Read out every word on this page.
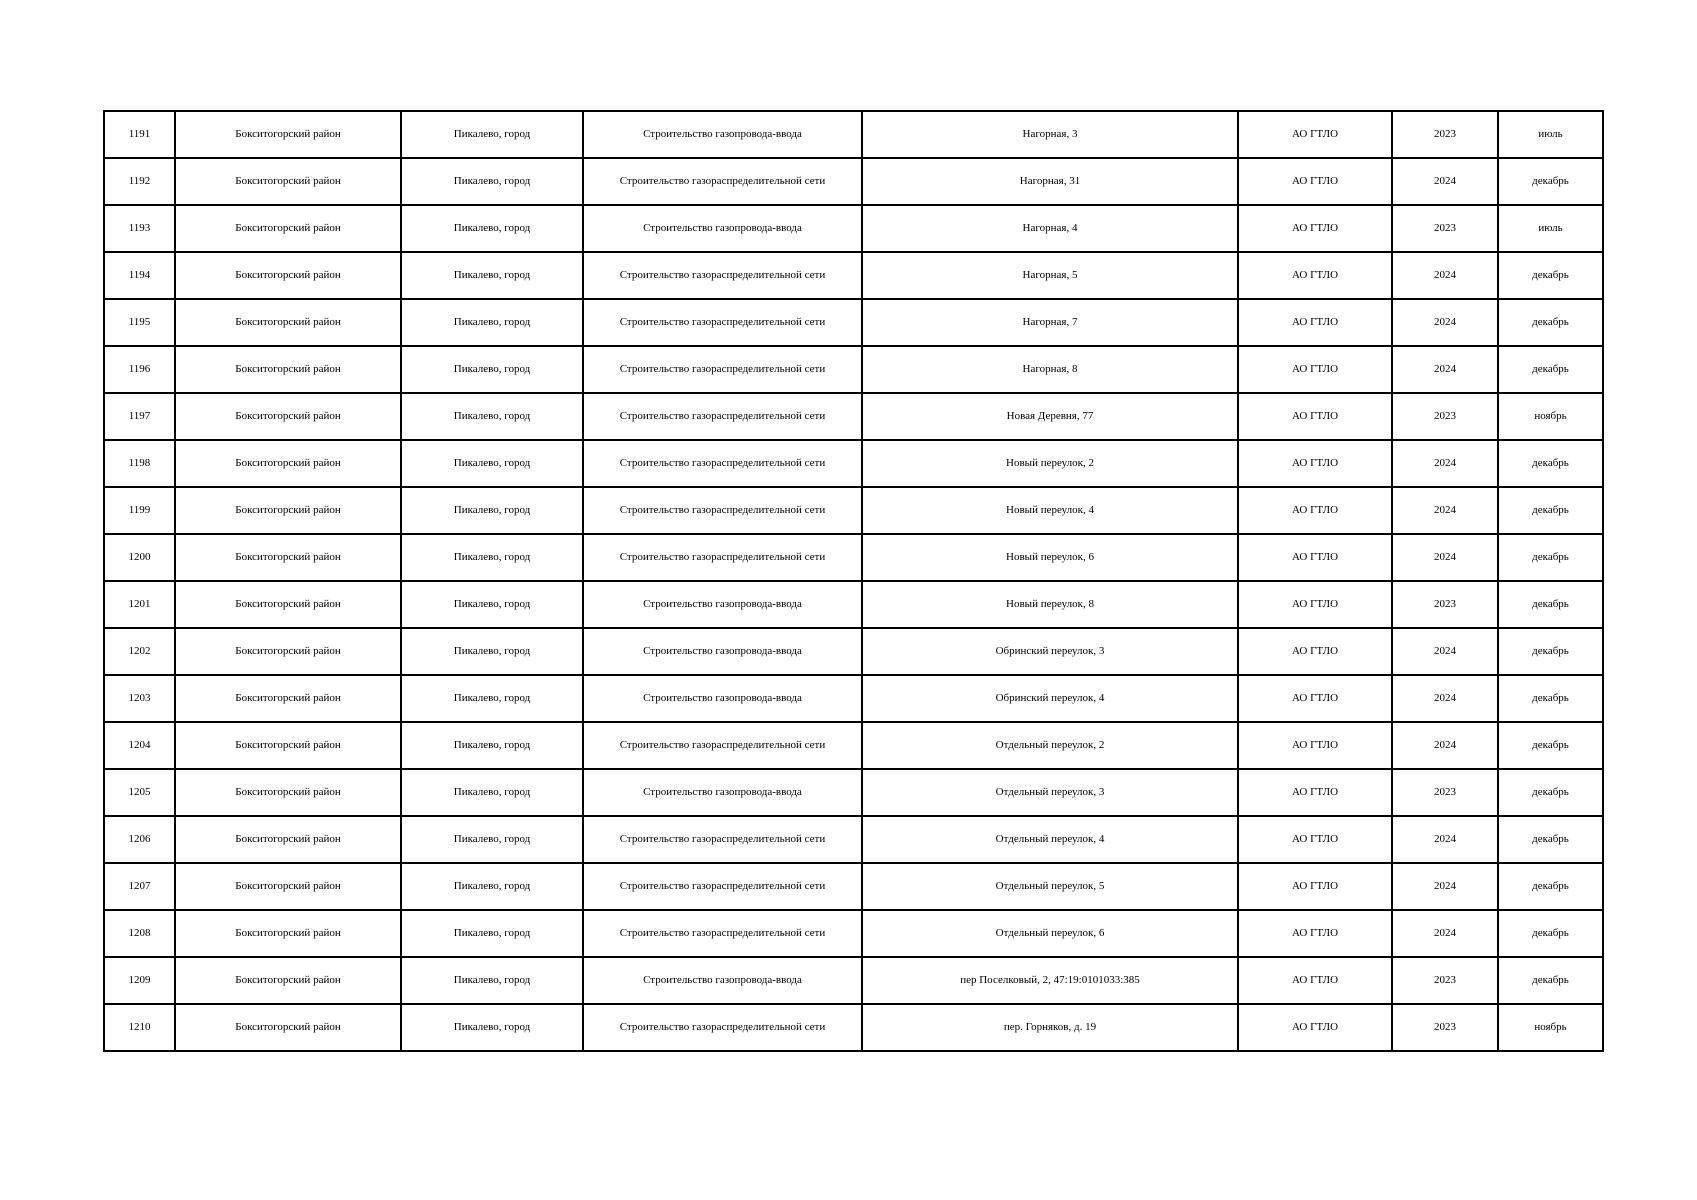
1191	Бокситогорский район	Пикалево, город	Строительство газопровода-ввода	Нагорная, 3	АО ГТЛО	2023	июль
1192	Бокситогорский район	Пикалево, город	Строительство газораспределительной сети	Нагорная, 31	АО ГТЛО	2024	декабрь
1193	Бокситогорский район	Пикалево, город	Строительство газопровода-ввода	Нагорная, 4	АО ГТЛО	2023	июль
1194	Бокситогорский район	Пикалево, город	Строительство газораспределительной сети	Нагорная, 5	АО ГТЛО	2024	декабрь
1195	Бокситогорский район	Пикалево, город	Строительство газораспределительной сети	Нагорная, 7	АО ГТЛО	2024	декабрь
1196	Бокситогорский район	Пикалево, город	Строительство газораспределительной сети	Нагорная, 8	АО ГТЛО	2024	декабрь
1197	Бокситогорский район	Пикалево, город	Строительство газораспределительной сети	Новая Деревня, 77	АО ГТЛО	2023	ноябрь
1198	Бокситогорский район	Пикалево, город	Строительство газораспределительной сети	Новый переулок, 2	АО ГТЛО	2024	декабрь
1199	Бокситогорский район	Пикалево, город	Строительство газораспределительной сети	Новый переулок, 4	АО ГТЛО	2024	декабрь
1200	Бокситогорский район	Пикалево, город	Строительство газораспределительной сети	Новый переулок, 6	АО ГТЛО	2024	декабрь
1201	Бокситогорский район	Пикалево, город	Строительство газопровода-ввода	Новый переулок, 8	АО ГТЛО	2023	декабрь
1202	Бокситогорский район	Пикалево, город	Строительство газопровода-ввода	Обринский переулок, 3	АО ГТЛО	2024	декабрь
1203	Бокситогорский район	Пикалево, город	Строительство газопровода-ввода	Обринский переулок, 4	АО ГТЛО	2024	декабрь
1204	Бокситогорский район	Пикалево, город	Строительство газораспределительной сети	Отдельный переулок, 2	АО ГТЛО	2024	декабрь
1205	Бокситогорский район	Пикалево, город	Строительство газопровода-ввода	Отдельный переулок, 3	АО ГТЛО	2023	декабрь
1206	Бокситогорский район	Пикалево, город	Строительство газораспределительной сети	Отдельный переулок, 4	АО ГТЛО	2024	декабрь
1207	Бокситогорский район	Пикалево, город	Строительство газораспределительной сети	Отдельный переулок, 5	АО ГТЛО	2024	декабрь
1208	Бокситогорский район	Пикалево, город	Строительство газораспределительной сети	Отдельный переулок, 6	АО ГТЛО	2024	декабрь
1209	Бокситогорский район	Пикалево, город	Строительство газопровода-ввода	пер Поселковый, 2, 47:19:0101033:385	АО ГТЛО	2023	декабрь
1210	Бокситогорский район	Пикалево, город	Строительство газораспределительной сети	пер. Горняков, д. 19	АО ГТЛО	2023	ноябрь
